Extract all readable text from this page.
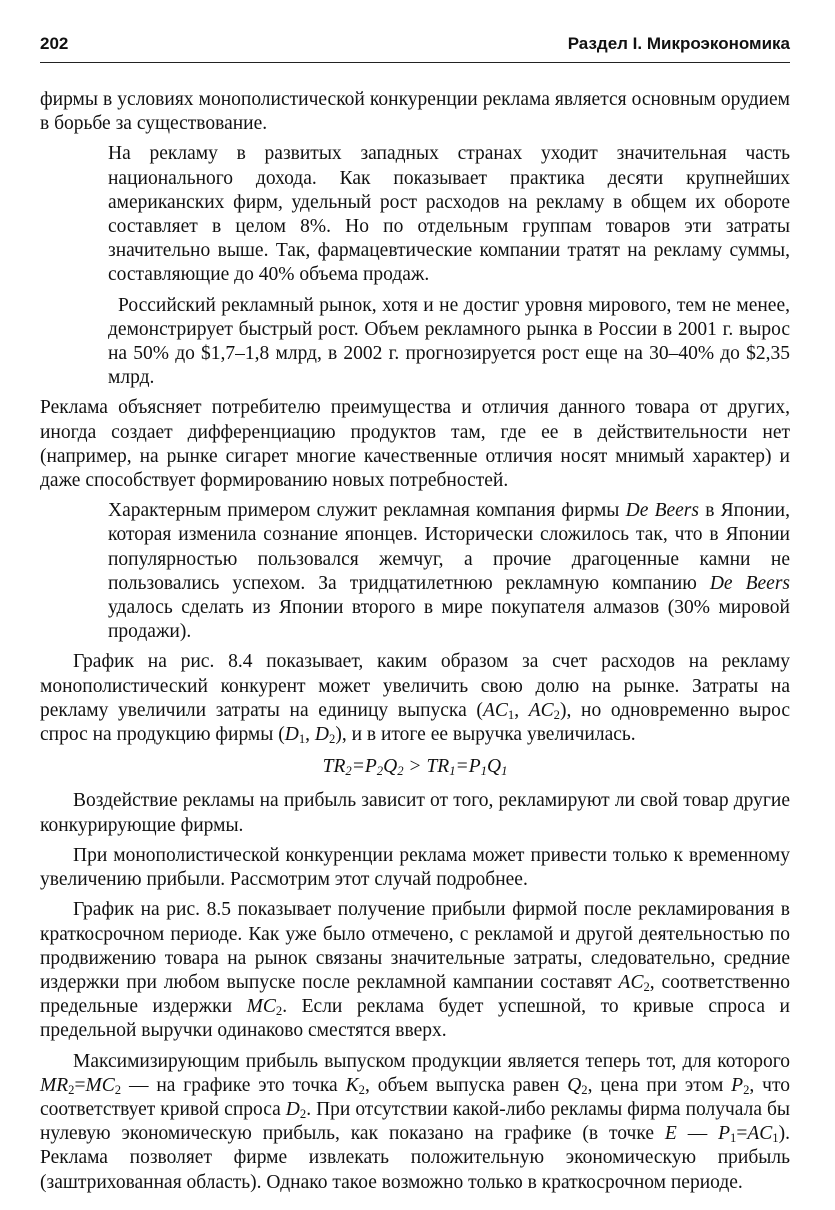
202	Раздел I. Микроэкономика

фирмы в условиях монополистической конкуренции реклама является основным орудием в борьбе за существование.

На рекламу в развитых западных странах уходит значительная часть национального дохода. Как показывает практика десяти крупнейших американских фирм, удельный рост расходов на рекламу в общем их обороте составляет в целом 8%. Но по отдельным группам товаров эти затраты значительно выше. Так, фармацевтические компании тратят на рекламу суммы, составляющие до 40% объема продаж.

Российский рекламный рынок, хотя и не достиг уровня мирового, тем не менее, демонстрирует быстрый рост. Объем рекламного рынка в России в 2001 г. вырос на 50% до $1,7–1,8 млрд, в 2002 г. прогнозируется рост еще на 30–40% до $2,35 млрд.

Реклама объясняет потребителю преимущества и отличия данного товара от других, иногда создает дифференциацию продуктов там, где ее в действительности нет (например, на рынке сигарет многие качественные отличия носят мнимый характер) и даже способствует формированию новых потребностей.

Характерным примером служит рекламная компания фирмы De Beers в Японии, которая изменила сознание японцев. Исторически сложилось так, что в Японии популярностью пользовался жемчуг, а прочие драгоценные камни не пользовались успехом. За тридцатилетнюю рекламную компанию De Beers удалось сделать из Японии второго в мире покупателя алмазов (30% мировой продажи).

График на рис. 8.4 показывает, каким образом за счет расходов на рекламу монополистический конкурент может увеличить свою долю на рынке. Затраты на рекламу увеличили затраты на единицу выпуска ($AC_1$, $AC_2$), но одновременно вырос спрос на продукцию фирмы ($D_1$, $D_2$), и в итоге ее выручка увеличилась.

$TR_2=P_2Q_2 > TR_1=P_1Q_1$

Воздействие рекламы на прибыль зависит от того, рекламируют ли свой товар другие конкурирующие фирмы.

При монополистической конкуренции реклама может привести только к временному увеличению прибыли. Рассмотрим этот случай подробнее.

График на рис. 8.5 показывает получение прибыли фирмой после рекламирования в краткосрочном периоде. Как уже было отмечено, с рекламой и другой деятельностью по продвижению товара на рынок связаны значительные затраты, следовательно, средние издержки при любом выпуске после рекламной кампании составят $AC_2$, соответственно предельные издержки $MC_2$. Если реклама будет успешной, то кривые спроса и предельной выручки одинаково сместятся вверх.

Максимизирующим прибыль выпуском продукции является теперь тот, для которого $MR_2=MC_2$ — на графике это точка $K_2$, объем выпуска равен $Q_2$, цена при этом $P_2$, что соответствует кривой спроса $D_2$. При отсутствии какой-либо рекламы фирма получала бы нулевую экономическую прибыль, как показано на графике (в точке E — $P_1=AC_1$). Реклама позволяет фирме извлекать положительную экономическую прибыль (заштрихованная область). Однако такое возможно только в краткосрочном периоде.
